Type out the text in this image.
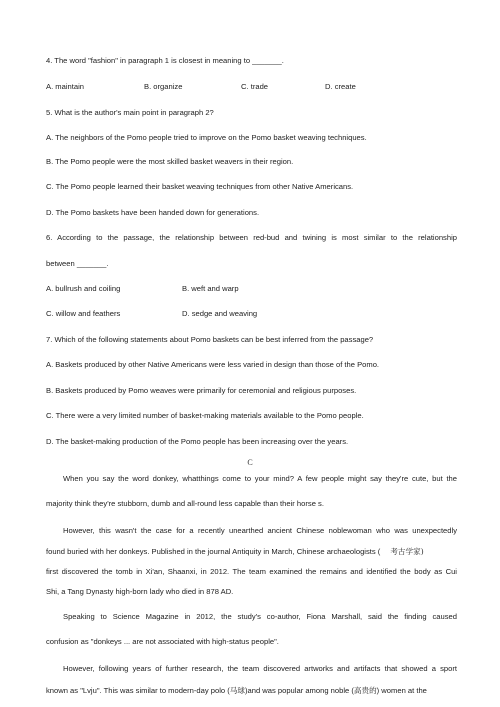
4. The word "fashion" in paragraph 1 is closest in meaning to _______.

A. maintain	B. organize	C. trade	D. create

5. What is the author's main point in paragraph 2?

A. The neighbors of the Pomo people tried to improve on the Pomo basket weaving techniques.

B. The Pomo people were the most skilled basket weavers in their region.

C. The Pomo people learned their basket weaving techniques from other Native Americans.

D. The Pomo baskets have been handed down for generations.

6. According to the passage, the relationship between red-bud and twining is most similar to the relationship

between _______.

A. bullrush and coiling	B. weft and warp
C. willow and feathers	D. sedge and weaving

7. Which of the following statements about Pomo baskets can be best inferred from the passage?

A. Baskets produced by other Native Americans were less varied in design than those of the Pomo.

B. Baskets produced by Pomo weaves were primarily for ceremonial and religious purposes.

C. There were a very limited number of basket-making materials available to the Pomo people.

D. The basket-making production of the Pomo people has been increasing over the years.

C

When you say the word donkey, whatthings come to your mind? A few people might say they're cute, but the

majority think they're stubborn, dumb and all-round less capable than their horse s.

However, this wasn't the case for a recently unearthed ancient Chinese noblewoman who was unexpectedly

found buried with her donkeys. Published in the journal Antiquity in March, Chinese archaeologists ( 考古学家)

first discovered the tomb in Xi'an, Shaanxi, in 2012. The team examined the remains and identified the body as Cui

Shi, a Tang Dynasty high-born lady who died in 878 AD.

Speaking to Science Magazine in 2012, the study's co-author, Fiona Marshall, said the finding caused

confusion as "donkeys ... are not associated with high-status people".

However, following years of further research, the team discovered artworks and artifacts that showed a sport

known as "Lvju". This was similar to modern-day polo (马球)and was popular among noble (高贵的) women at the
